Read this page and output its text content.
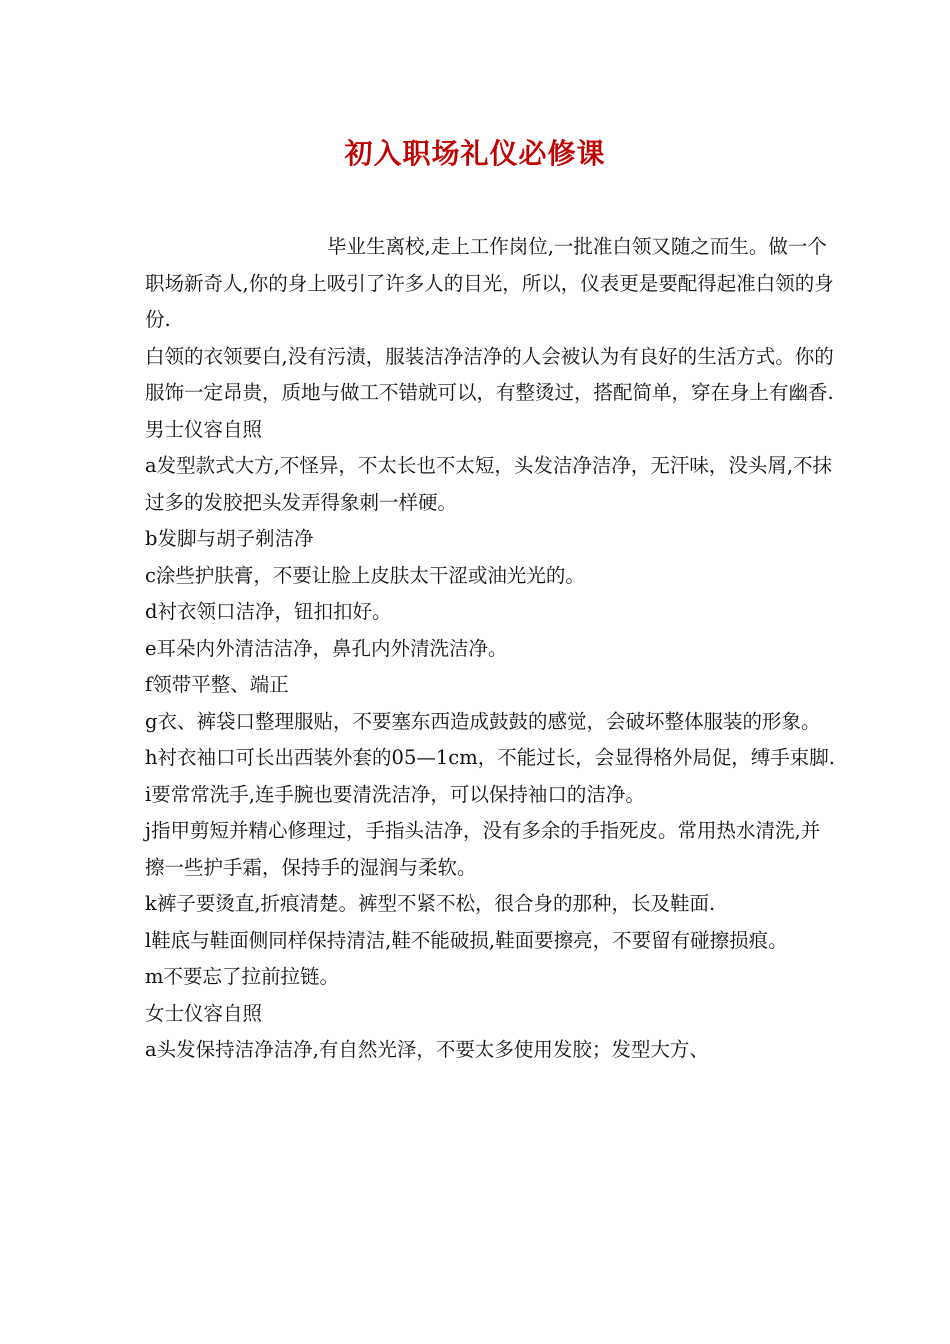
初入职场礼仪必修课

毕业生离校,走上工作岗位,一批准白领又随之而生。做一个职场新奇人,你的身上吸引了许多人的目光，所以，仪表更是要配得起准白领的身份.

白领的衣领要白,没有污渍，服装洁净洁净的人会被认为有良好的生活方式。你的服饰一定昂贵，质地与做工不错就可以，有整烫过，搭配简单，穿在身上有幽香.

男士仪容自照

a发型款式大方,不怪异，不太长也不太短，头发洁净洁净，无汗味，没头屑,不抹过多的发胶把头发弄得象刺一样硬。

b发脚与胡子剃洁净

c涂些护肤膏，不要让脸上皮肤太干涩或油光光的。

d衬衣领口洁净，钮扣扣好。

e耳朵内外清洁洁净，鼻孔内外清洗洁净。

f领带平整、端正

g衣、裤袋口整理服贴，不要塞东西造成鼓鼓的感觉，会破坏整体服装的形象。

h衬衣袖口可长出西装外套的05—1cm，不能过长，会显得格外局促，缚手束脚.

i要常常洗手,连手腕也要清洗洁净，可以保持袖口的洁净。

j指甲剪短并精心修理过，手指头洁净，没有多余的手指死皮。常用热水清洗,并擦一些护手霜，保持手的湿润与柔软。

k裤子要烫直,折痕清楚。裤型不紧不松，很合身的那种，长及鞋面.

l鞋底与鞋面侧同样保持清洁,鞋不能破损,鞋面要擦亮，不要留有碰擦损痕。

m不要忘了拉前拉链。

女士仪容自照

a头发保持洁净洁净,有自然光泽，不要太多使用发胶；发型大方、
